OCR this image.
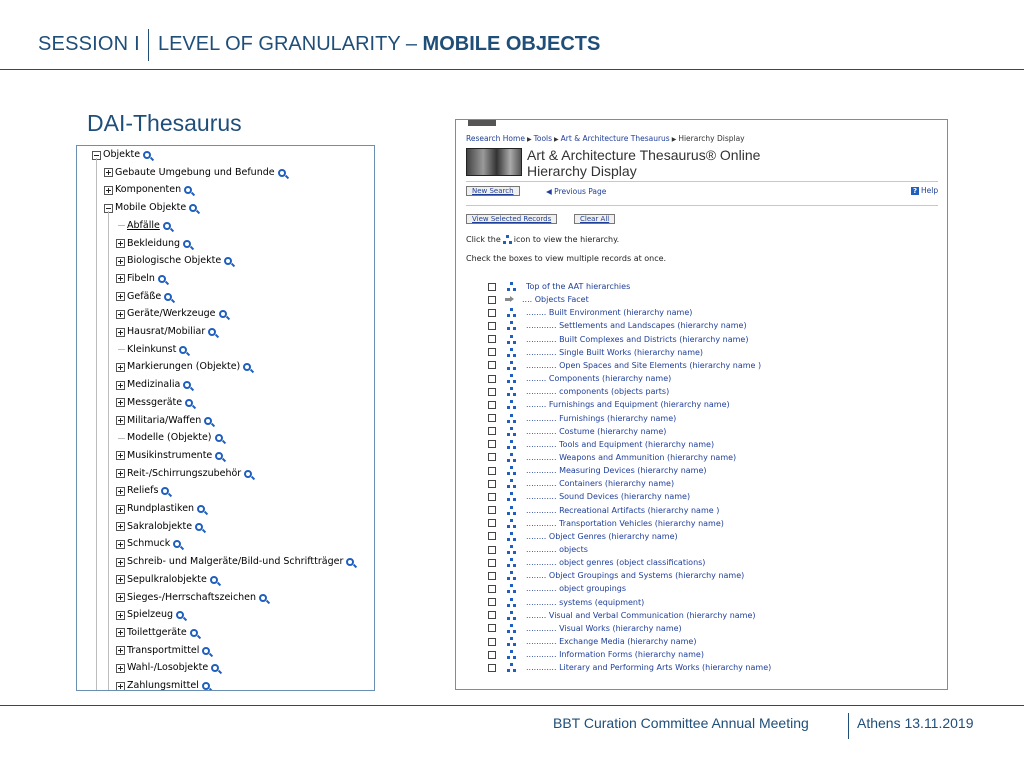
SESSION I LEVEL OF GRANULARITY – MOBILE OBJECTS
DAI-Thesaurus
Objekte
Gebaute Umgebung und Befunde
Komponenten
Mobile Objekte
Abfälle
Bekleidung
Biologische Objekte
Fibeln
Gefäße
Geräte/Werkzeuge
Hausrat/Mobiliar
Kleinkunst
Markierungen (Objekte)
Medizinalia
Messgeräte
Militaria/Waffen
Modelle (Objekte)
Musikinstrumente
Reit-/Schirrungszubehör
Reliefs
Rundplastiken
Sakralobjekte
Schmuck
Schreib- und Malgeräte/Bild-und Schriftträger
Sepulkralobjekte
Sieges-/Herrschaftszeichen
Spielzeug
Toilettgeräte
Transportmittel
Wahl-/Losobjekte
Zahlungsmittel
Research Home ▶ Tools ▶ Art & Architecture Thesaurus ▶ Hierarchy Display
Art & Architecture Thesaurus® Online
Hierarchy Display
New Search	◀ Previous Page	? Help
View Selected Records	Clear All
Click the icon to view the hierarchy.
Check the boxes to view multiple records at once.
Top of the AAT hierarchies
.... Objects Facet
........ Built Environment (hierarchy name)
............ Settlements and Landscapes (hierarchy name)
............ Built Complexes and Districts (hierarchy name)
............ Single Built Works (hierarchy name)
............ Open Spaces and Site Elements (hierarchy name )
........ Components (hierarchy name)
............ components (objects parts)
........ Furnishings and Equipment (hierarchy name)
............ Furnishings (hierarchy name)
............ Costume (hierarchy name)
............ Tools and Equipment (hierarchy name)
............ Weapons and Ammunition (hierarchy name)
............ Measuring Devices (hierarchy name)
............ Containers (hierarchy name)
............ Sound Devices (hierarchy name)
............ Recreational Artifacts (hierarchy name )
............ Transportation Vehicles (hierarchy name)
........ Object Genres (hierarchy name)
............ objects
............ object genres (object classifications)
........ Object Groupings and Systems (hierarchy name)
............ object groupings
............ systems (equipment)
........ Visual and Verbal Communication (hierarchy name)
............ Visual Works (hierarchy name)
............ Exchange Media (hierarchy name)
............ Information Forms (hierarchy name)
............ Literary and Performing Arts Works (hierarchy name)
BBT Curation Committee Annual Meeting	Athens 13.11.2019
